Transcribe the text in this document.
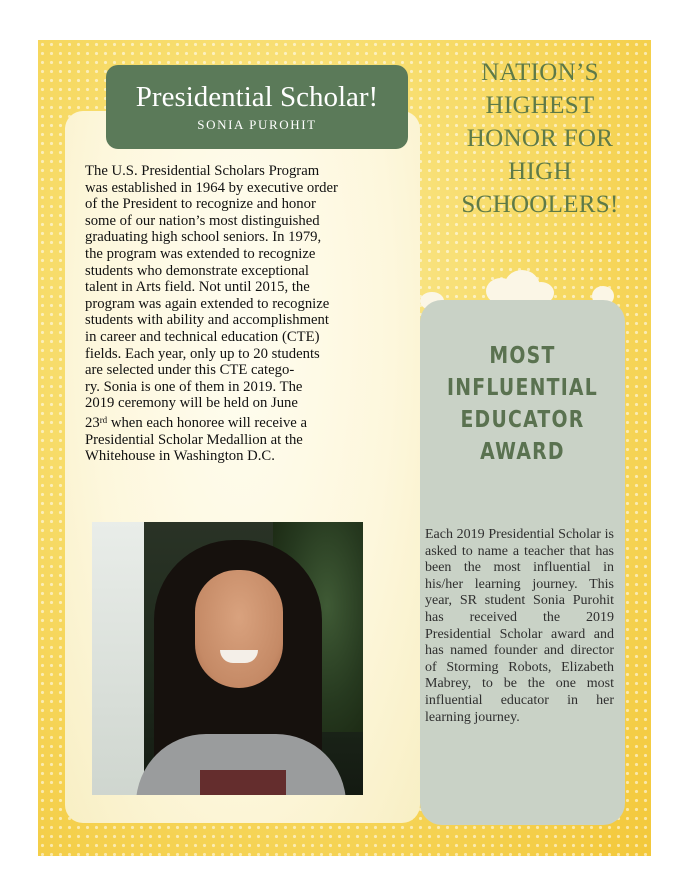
Presidential Scholar!
SONIA PUROHIT
The U.S. Presidential Scholars Program
was established in 1964 by executive order
of the President to recognize and honor
some of our nation’s most distinguished
graduating high school seniors. In 1979,
the program was extended to recognize
students who demonstrate exceptional
talent in Arts field. Not until 2015, the
program was again extended to recognize
students with ability and accomplishment
in career and technical education (CTE)
fields. Each year, only up to 20 students
are selected under this CTE catego-
ry. Sonia is one of them in 2019. The
2019 ceremony will be held on June
23rd when each honoree will receive a
Presidential Scholar Medallion at the
Whitehouse in Washington D.C.
NATION’S
HIGHEST
HONOR FOR
HIGH
SCHOOLERS!
MOST
INFLUENTIAL
EDUCATOR
AWARD
Each 2019 Presidential Scholar is asked to name a teacher that has been the most influential in his/her learning journey. This year, SR student Sonia Purohit has received the 2019 Presidential Scholar award and has named founder and director of Storming Robots, Elizabeth Mabrey, to be the one most influential educator in her learning journey.
